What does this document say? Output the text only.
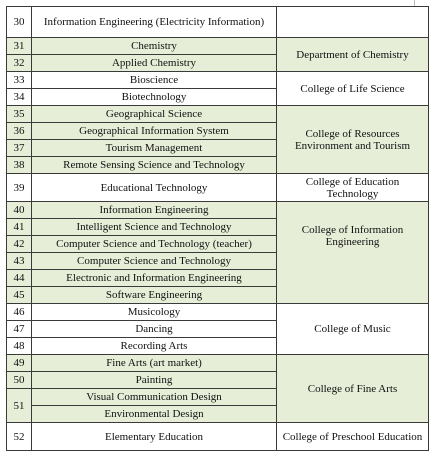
30	Information Engineering (Electricity Information)	
31	Chemistry	Department of Chemistry
32	Applied Chemistry	
33	Bioscience	College of Life Science
34	Biotechnology	
35	Geographical Science	College of Resources Environment and Tourism
36	Geographical Information System	
37	Tourism Management	
38	Remote Sensing Science and Technology	
39	Educational Technology	College of Education Technology
40	Information Engineering	College of Information Engineering
41	Intelligent Science and Technology	
42	Computer Science and Technology (teacher)	
43	Computer Science and Technology	
44	Electronic and Information Engineering	
45	Software Engineering	
46	Musicology	College of Music
47	Dancing	
48	Recording Arts	
49	Fine Arts (art market)	College of Fine Arts
50	Painting	
51	Visual Communication Design	
	Environmental Design	
52	Elementary Education	College of Preschool Education
